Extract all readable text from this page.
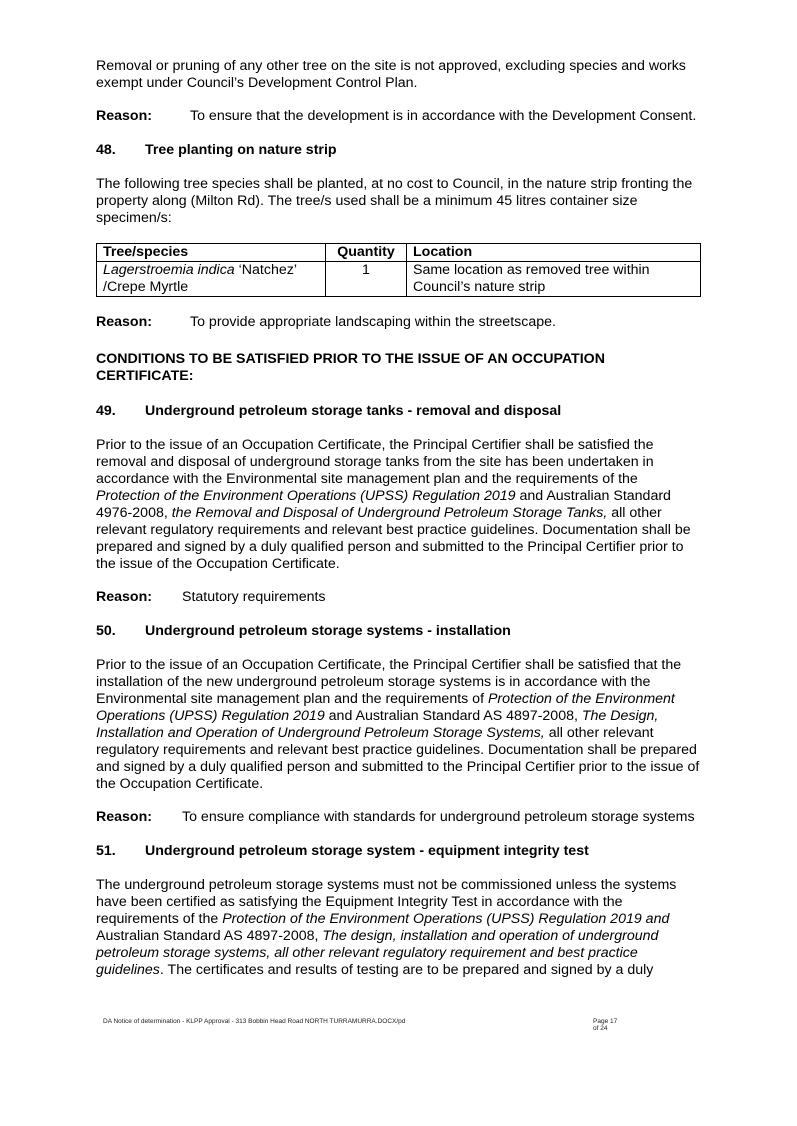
Removal or pruning of any other tree on the site is not approved, excluding species and works exempt under Council’s Development Control Plan.

Reason:	To ensure that the development is in accordance with the Development Consent.
48.	Tree planting on nature strip

The following tree species shall be planted, at no cost to Council, in the nature strip fronting the property along (Milton Rd). The tree/s used shall be a minimum 45 litres container size specimen/s:

Tree/species	Quantity	Location
Lagerstroemia indica ‘Natchez’ /Crepe Myrtle	1	Same location as removed tree within Council’s nature strip
Reason:	To provide appropriate landscaping within the streetscape.

CONDITIONS TO BE SATISFIED PRIOR TO THE ISSUE OF AN OCCUPATION CERTIFICATE:

49.	Underground petroleum storage tanks - removal and disposal

Prior to the issue of an Occupation Certificate, the Principal Certifier shall be satisfied the removal and disposal of underground storage tanks from the site has been undertaken in accordance with the Environmental site management plan and the requirements of the Protection of the Environment Operations (UPSS) Regulation 2019 and Australian Standard 4976-2008, the Removal and Disposal of Underground Petroleum Storage Tanks, all other relevant regulatory requirements and relevant best practice guidelines. Documentation shall be prepared and signed by a duly qualified person and submitted to the Principal Certifier prior to the issue of the Occupation Certificate.

Reason:	Statutory requirements
50.	Underground petroleum storage systems - installation

Prior to the issue of an Occupation Certificate, the Principal Certifier shall be satisfied that the installation of the new underground petroleum storage systems is in accordance with the Environmental site management plan and the requirements of Protection of the Environment Operations (UPSS) Regulation 2019 and Australian Standard AS 4897-2008, The Design, Installation and Operation of Underground Petroleum Storage Systems, all other relevant regulatory requirements and relevant best practice guidelines. Documentation shall be prepared and signed by a duly qualified person and submitted to the Principal Certifier prior to the issue of the Occupation Certificate.

Reason:	To ensure compliance with standards for underground petroleum storage systems
51.	Underground petroleum storage system - equipment integrity test

The underground petroleum storage systems must not be commissioned unless the systems have been certified as satisfying the Equipment Integrity Test in accordance with the requirements of the Protection of the Environment Operations (UPSS) Regulation 2019 and Australian Standard AS 4897-2008, The design, installation and operation of underground petroleum storage systems, all other relevant regulatory requirement and best practice guidelines. The certificates and results of testing are to be prepared and signed by a duly

DA Notice of determination - KLPP Approval - 313 Bobbin Head Road NORTH TURRAMURRA.DOCX/pd	Page 17 of 24
